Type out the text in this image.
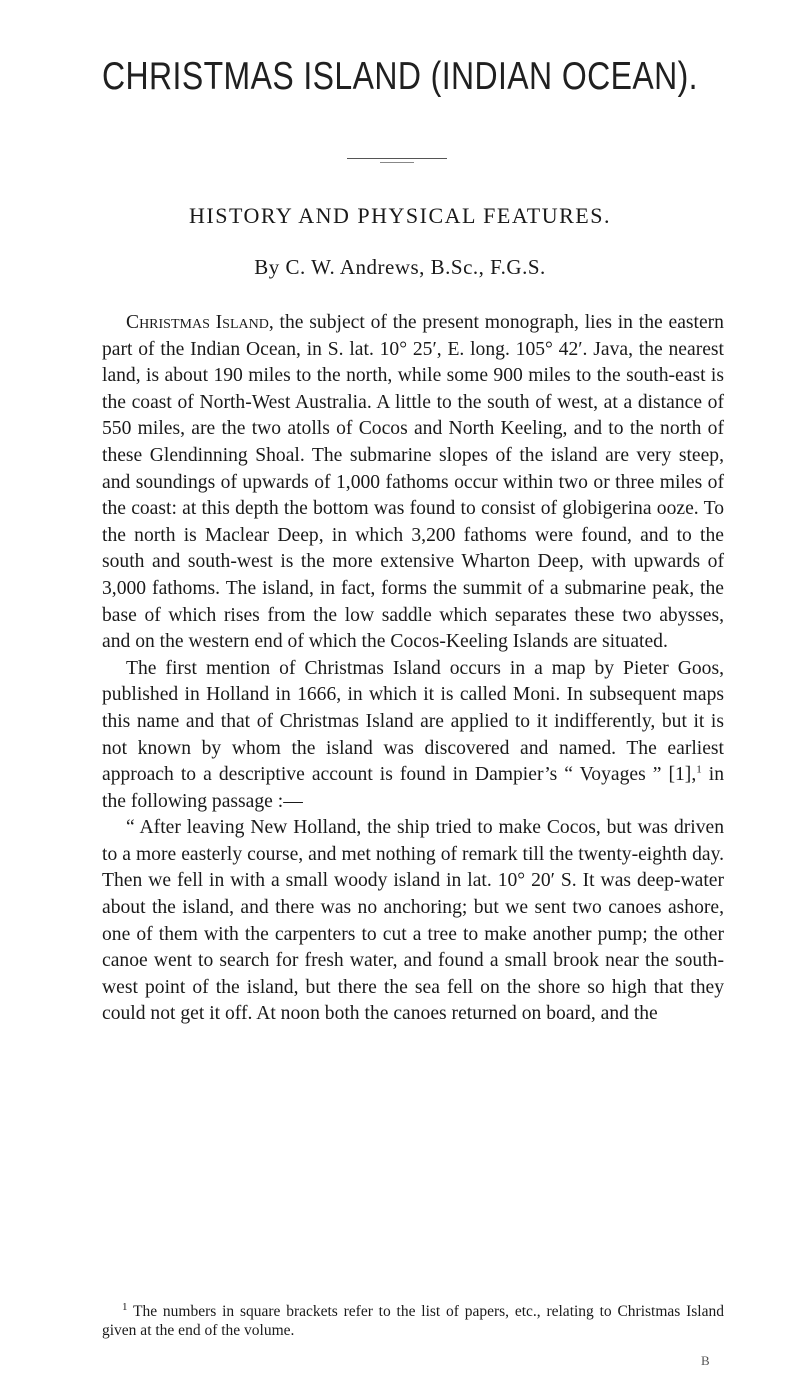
CHRISTMAS ISLAND (INDIAN OCEAN).
HISTORY AND PHYSICAL FEATURES.
By C. W. Andrews, B.Sc., F.G.S.

Christmas Island, the subject of the present monograph, lies in the eastern part of the Indian Ocean, in S. lat. 10° 25′, E. long. 105° 42′. Java, the nearest land, is about 190 miles to the north, while some 900 miles to the south-east is the coast of North-West Australia. A little to the south of west, at a distance of 550 miles, are the two atolls of Cocos and North Keeling, and to the north of these Glendinning Shoal. The submarine slopes of the island are very steep, and soundings of upwards of 1,000 fathoms occur within two or three miles of the coast: at this depth the bottom was found to consist of globigerina ooze. To the north is Maclear Deep, in which 3,200 fathoms were found, and to the south and south-west is the more extensive Wharton Deep, with upwards of 3,000 fathoms. The island, in fact, forms the summit of a submarine peak, the base of which rises from the low saddle which separates these two abysses, and on the western end of which the Cocos-Keeling Islands are situated.

The first mention of Christmas Island occurs in a map by Pieter Goos, published in Holland in 1666, in which it is called Moni. In subsequent maps this name and that of Christmas Island are applied to it indifferently, but it is not known by whom the island was discovered and named. The earliest approach to a descriptive account is found in Dampier’s “ Voyages ” [1],$^1$ in the following passage :—

“ After leaving New Holland, the ship tried to make Cocos, but was driven to a more easterly course, and met nothing of remark till the twenty-eighth day. Then we fell in with a small woody island in lat. 10° 20′ S. It was deep-water about the island, and there was no anchoring; but we sent two canoes ashore, one of them with the carpenters to cut a tree to make another pump; the other canoe went to search for fresh water, and found a small brook near the south-west point of the island, but there the sea fell on the shore so high that they could not get it off. At noon both the canoes returned on board, and the

$^1$ The numbers in square brackets refer to the list of papers, etc., relating to Christmas Island given at the end of the volume.

B
